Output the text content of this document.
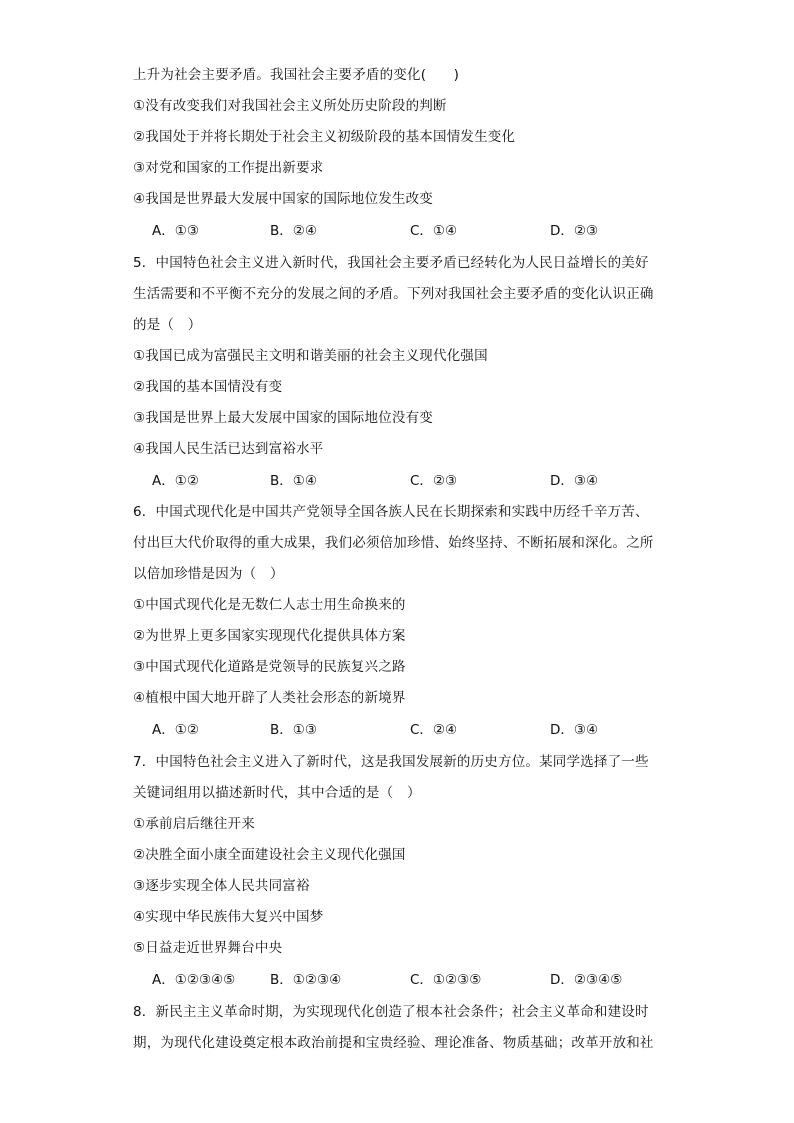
上升为社会主要矛盾。我国社会主要矛盾的变化(　　)
①没有改变我们对我国社会主义所处历史阶段的判断
②我国处于并将长期处于社会主义初级阶段的基本国情发生变化
③对党和国家的工作提出新要求
④我国是世界最大发展中国家的国际地位发生改变
A．①③	B．②④	C．①④	D．②③
5．中国特色社会主义进入新时代，我国社会主要矛盾已经转化为人民日益增长的美好
生活需要和不平衡不充分的发展之间的矛盾。下列对我国社会主要矛盾的变化认识正确
的是（　）
①我国已成为富强民主文明和谐美丽的社会主义现代化强国
②我国的基本国情没有变
③我国是世界上最大发展中国家的国际地位没有变
④我国人民生活已达到富裕水平
A．①②	B．①④	C．②③	D．③④
6．中国式现代化是中国共产党领导全国各族人民在长期探索和实践中历经千辛万苦、
付出巨大代价取得的重大成果，我们必须倍加珍惜、始终坚持、不断拓展和深化。之所
以倍加珍惜是因为（　）
①中国式现代化是无数仁人志士用生命换来的
②为世界上更多国家实现现代化提供具体方案
③中国式现代化道路是党领导的民族复兴之路
④植根中国大地开辟了人类社会形态的新境界
A．①②	B．①③	C．②④	D．③④
7．中国特色社会主义进入了新时代，这是我国发展新的历史方位。某同学选择了一些
关键词组用以描述新时代，其中合适的是（　）
①承前启后继往开来
②决胜全面小康全面建设社会主义现代化强国
③逐步实现全体人民共同富裕
④实现中华民族伟大复兴中国梦
⑤日益走近世界舞台中央
A．①②③④⑤	B．①②③④	C．①②③⑤	D．②③④⑤
8．新民主主义革命时期，为实现现代化创造了根本社会条件；社会主义革命和建设时
期，为现代化建设奠定根本政治前提和宝贵经验、理论准备、物质基础；改革开放和社
